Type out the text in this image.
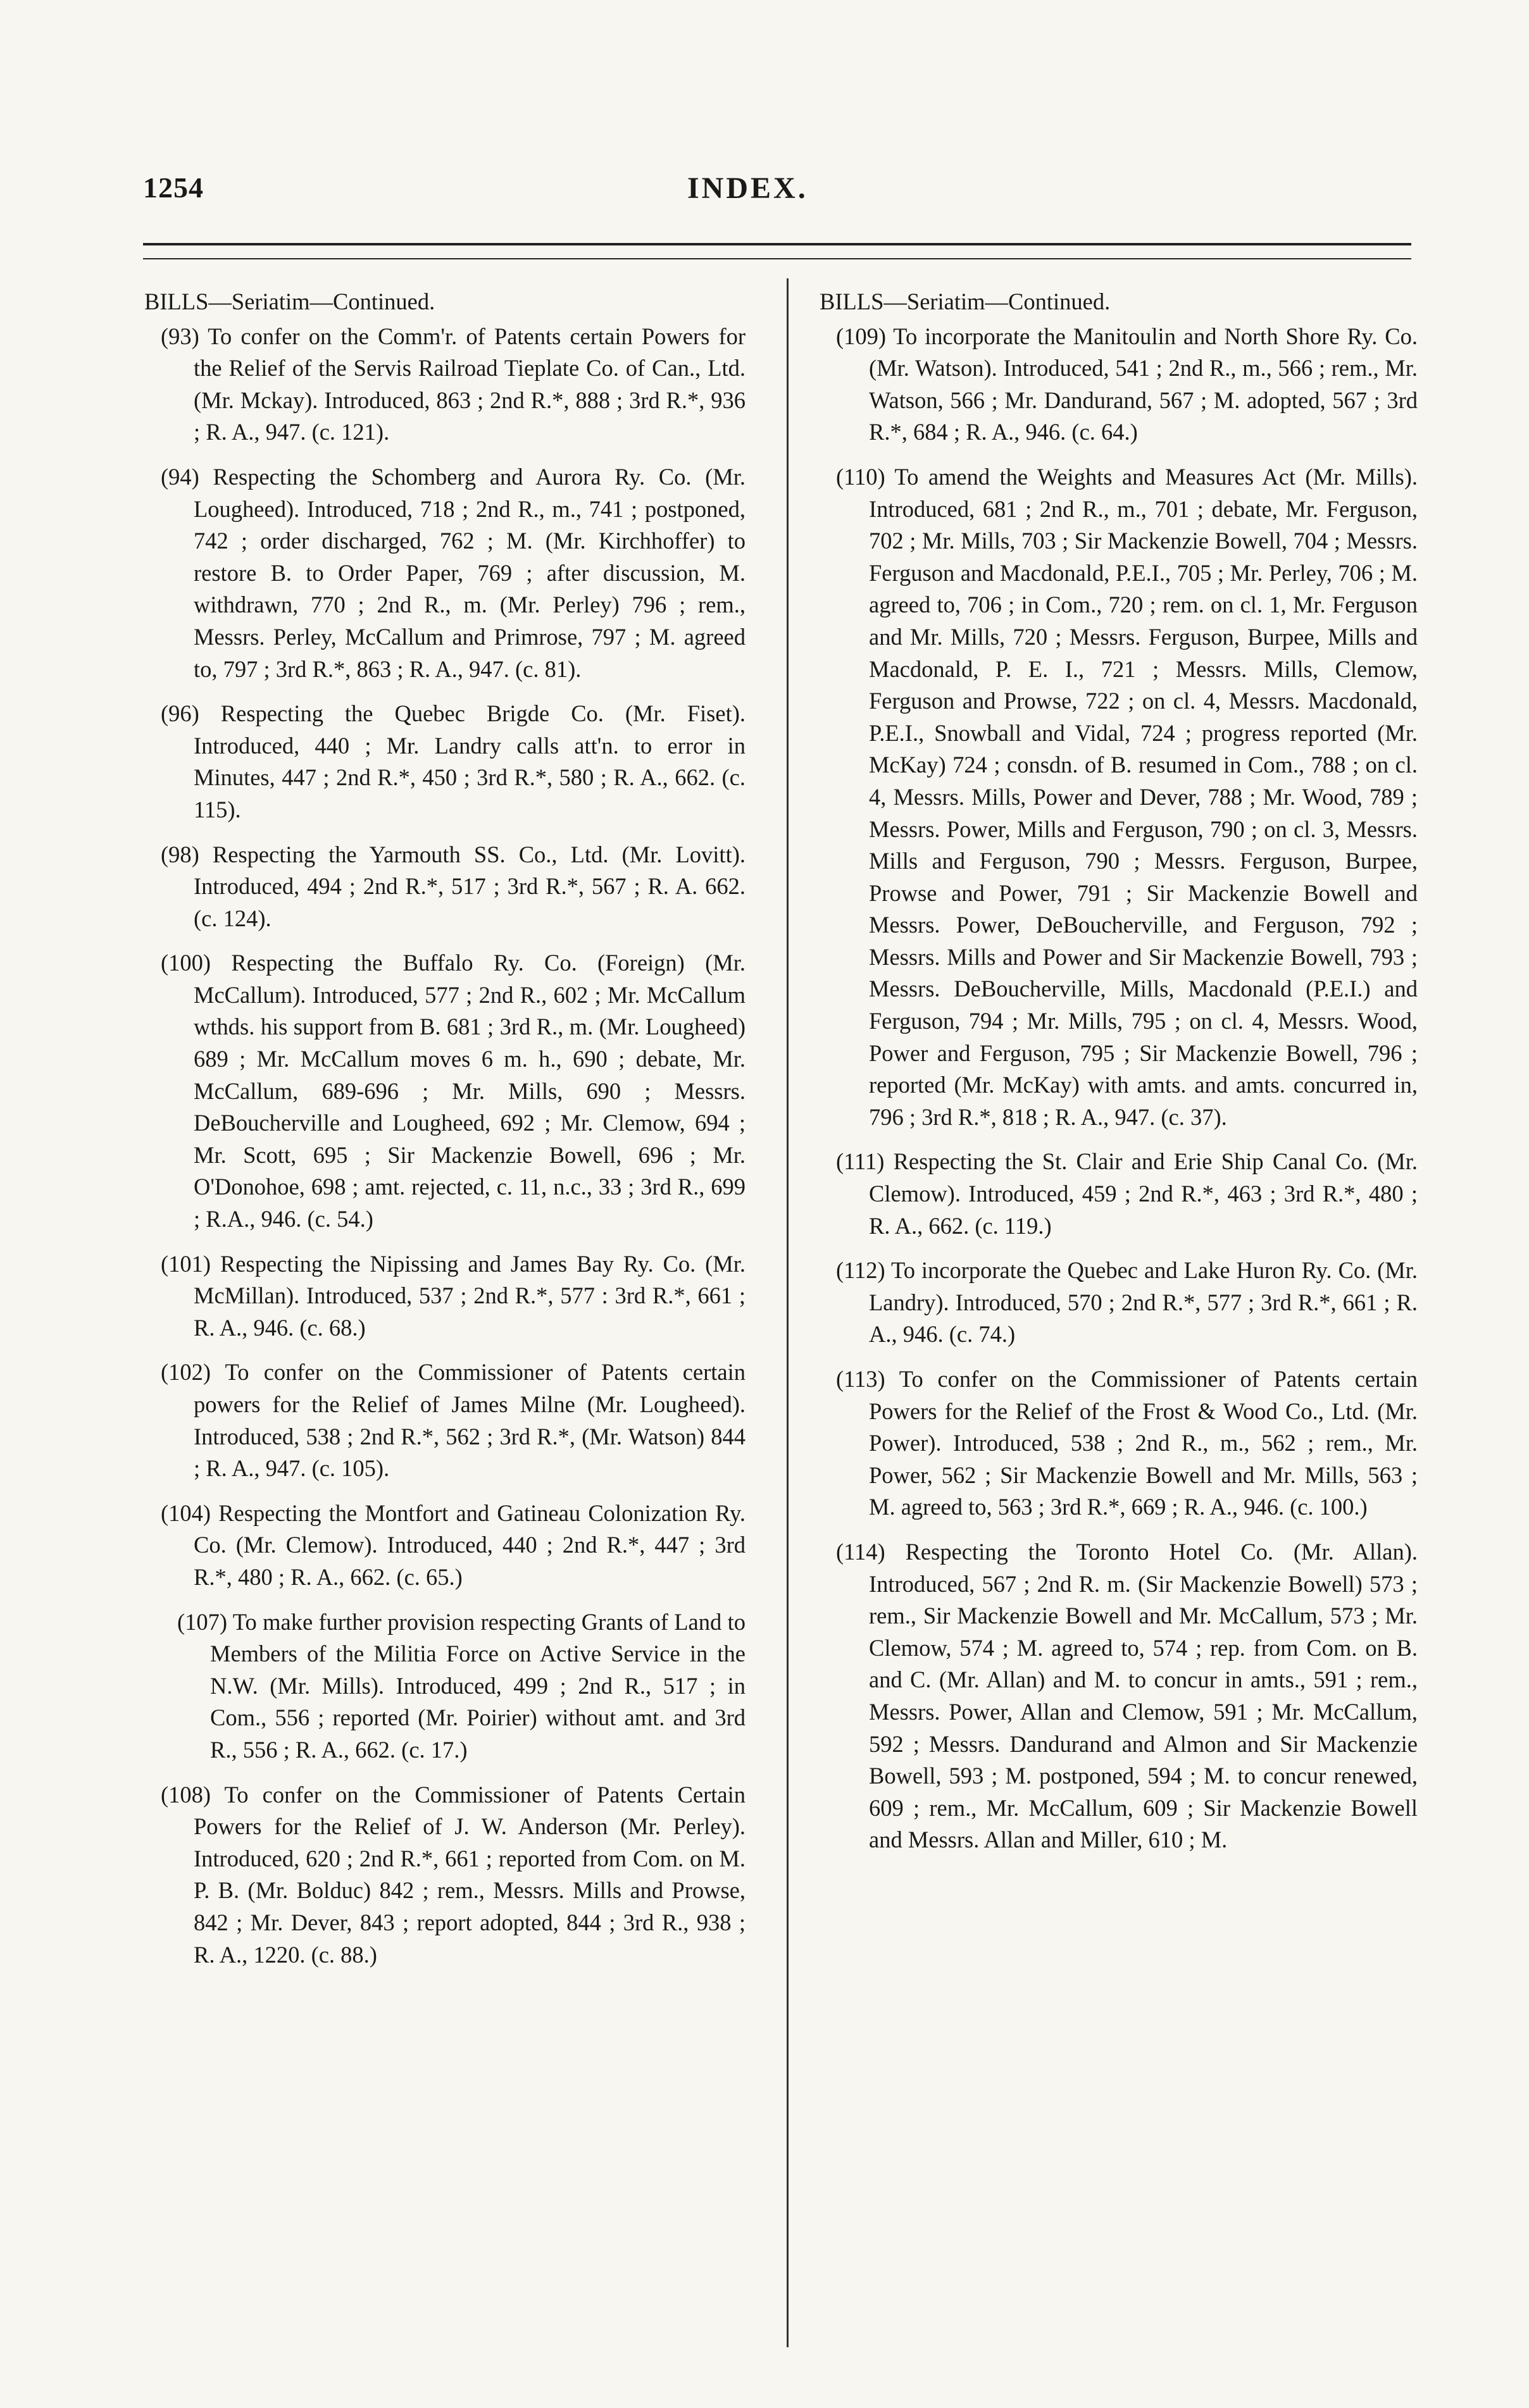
1254	INDEX.

BILLS—Seriatim—Continued.

(93) To confer on the Comm'r. of Patents certain Powers for the Relief of the Servis Railroad Tieplate Co. of Can., Ltd. (Mr. Mckay). Introduced, 863 ; 2nd R.*, 888 ; 3rd R.*, 936 ; R. A., 947. (c. 121).

(94) Respecting the Schomberg and Aurora Ry. Co. (Mr. Lougheed). Introduced, 718 ; 2nd R., m., 741 ; postponed, 742 ; order discharged, 762 ; M. (Mr. Kirchhoffer) to restore B. to Order Paper, 769 ; after discussion, M. withdrawn, 770 ; 2nd R., m. (Mr. Perley) 796 ; rem., Messrs. Perley, McCallum and Primrose, 797 ; M. agreed to, 797 ; 3rd R.*, 863 ; R. A., 947. (c. 81).

(96) Respecting the Quebec Brigde Co. (Mr. Fiset). Introduced, 440 ; Mr. Landry calls att'n. to error in Minutes, 447 ; 2nd R.*, 450 ; 3rd R.*, 580 ; R. A., 662. (c. 115).

(98) Respecting the Yarmouth SS. Co., Ltd. (Mr. Lovitt). Introduced, 494 ; 2nd R.*, 517 ; 3rd R.*, 567 ; R. A. 662. (c. 124).

(100) Respecting the Buffalo Ry. Co. (Foreign) (Mr. McCallum). Introduced, 577 ; 2nd R., 602 ; Mr. McCallum wthds. his support from B. 681 ; 3rd R., m. (Mr. Lougheed) 689 ; Mr. McCallum moves 6 m. h., 690 ; debate, Mr. McCallum, 689-696 ; Mr. Mills, 690 ; Messrs. DeBoucherville and Lougheed, 692 ; Mr. Clemow, 694 ; Mr. Scott, 695 ; Sir Mackenzie Bowell, 696 ; Mr. O'Donohoe, 698 ; amt. rejected, c. 11, n.c., 33 ; 3rd R., 699 ; R.A., 946. (c. 54.)

(101) Respecting the Nipissing and James Bay Ry. Co. (Mr. McMillan). Introduced, 537 ; 2nd R.*, 577 : 3rd R.*, 661 ; R. A., 946. (c. 68.)

(102) To confer on the Commissioner of Patents certain powers for the Relief of James Milne (Mr. Lougheed). Introduced, 538 ; 2nd R.*, 562 ; 3rd R.*, (Mr. Watson) 844 ; R. A., 947. (c. 105).

(104) Respecting the Montfort and Gatineau Colonization Ry. Co. (Mr. Clemow). Introduced, 440 ; 2nd R.*, 447 ; 3rd R.*, 480 ; R. A., 662. (c. 65.)

(107) To make further provision respecting Grants of Land to Members of the Militia Force on Active Service in the N.W. (Mr. Mills). Introduced, 499 ; 2nd R., 517 ; in Com., 556 ; reported (Mr. Poirier) without amt. and 3rd R., 556 ; R. A., 662. (c. 17.)

(108) To confer on the Commissioner of Patents Certain Powers for the Relief of J. W. Anderson (Mr. Perley). Introduced, 620 ; 2nd R.*, 661 ; reported from Com. on M. P. B. (Mr. Bolduc) 842 ; rem., Messrs. Mills and Prowse, 842 ; Mr. Dever, 843 ; report adopted, 844 ; 3rd R., 938 ; R. A., 1220. (c. 88.)

BILLS—Seriatim—Continued.

(109) To incorporate the Manitoulin and North Shore Ry. Co. (Mr. Watson). Introduced, 541 ; 2nd R., m., 566 ; rem., Mr. Watson, 566 ; Mr. Dandurand, 567 ; M. adopted, 567 ; 3rd R.*, 684 ; R. A., 946. (c. 64.)

(110) To amend the Weights and Measures Act (Mr. Mills). Introduced, 681 ; 2nd R., m., 701 ; debate, Mr. Ferguson, 702 ; Mr. Mills, 703 ; Sir Mackenzie Bowell, 704 ; Messrs. Ferguson and Macdonald, P.E.I., 705 ; Mr. Perley, 706 ; M. agreed to, 706 ; in Com., 720 ; rem. on cl. 1, Mr. Ferguson and Mr. Mills, 720 ; Messrs. Ferguson, Burpee, Mills and Macdonald, P. E. I., 721 ; Messrs. Mills, Clemow, Ferguson and Prowse, 722 ; on cl. 4, Messrs. Macdonald, P.E.I., Snowball and Vidal, 724 ; progress reported (Mr. McKay) 724 ; consdn. of B. resumed in Com., 788 ; on cl. 4, Messrs. Mills, Power and Dever, 788 ; Mr. Wood, 789 ; Messrs. Power, Mills and Ferguson, 790 ; on cl. 3, Messrs. Mills and Ferguson, 790 ; Messrs. Ferguson, Burpee, Prowse and Power, 791 ; Sir Mackenzie Bowell and Messrs. Power, DeBoucherville, and Ferguson, 792 ; Messrs. Mills and Power and Sir Mackenzie Bowell, 793 ; Messrs. DeBoucherville, Mills, Macdonald (P.E.I.) and Ferguson, 794 ; Mr. Mills, 795 ; on cl. 4, Messrs. Wood, Power and Ferguson, 795 ; Sir Mackenzie Bowell, 796 ; reported (Mr. McKay) with amts. and amts. concurred in, 796 ; 3rd R.*, 818 ; R. A., 947. (c. 37).

(111) Respecting the St. Clair and Erie Ship Canal Co. (Mr. Clemow). Introduced, 459 ; 2nd R.*, 463 ; 3rd R.*, 480 ; R. A., 662. (c. 119.)

(112) To incorporate the Quebec and Lake Huron Ry. Co. (Mr. Landry). Introduced, 570 ; 2nd R.*, 577 ; 3rd R.*, 661 ; R. A., 946. (c. 74.)

(113) To confer on the Commissioner of Patents certain Powers for the Relief of the Frost & Wood Co., Ltd. (Mr. Power). Introduced, 538 ; 2nd R., m., 562 ; rem., Mr. Power, 562 ; Sir Mackenzie Bowell and Mr. Mills, 563 ; M. agreed to, 563 ; 3rd R.*, 669 ; R. A., 946. (c. 100.)

(114) Respecting the Toronto Hotel Co. (Mr. Allan). Introduced, 567 ; 2nd R. m. (Sir Mackenzie Bowell) 573 ; rem., Sir Mackenzie Bowell and Mr. McCallum, 573 ; Mr. Clemow, 574 ; M. agreed to, 574 ; rep. from Com. on B. and C. (Mr. Allan) and M. to concur in amts., 591 ; rem., Messrs. Power, Allan and Clemow, 591 ; Mr. McCallum, 592 ; Messrs. Dandurand and Almon and Sir Mackenzie Bowell, 593 ; M. postponed, 594 ; M. to concur renewed, 609 ; rem., Mr. McCallum, 609 ; Sir Mackenzie Bowell and Messrs. Allan and Miller, 610 ; M.
